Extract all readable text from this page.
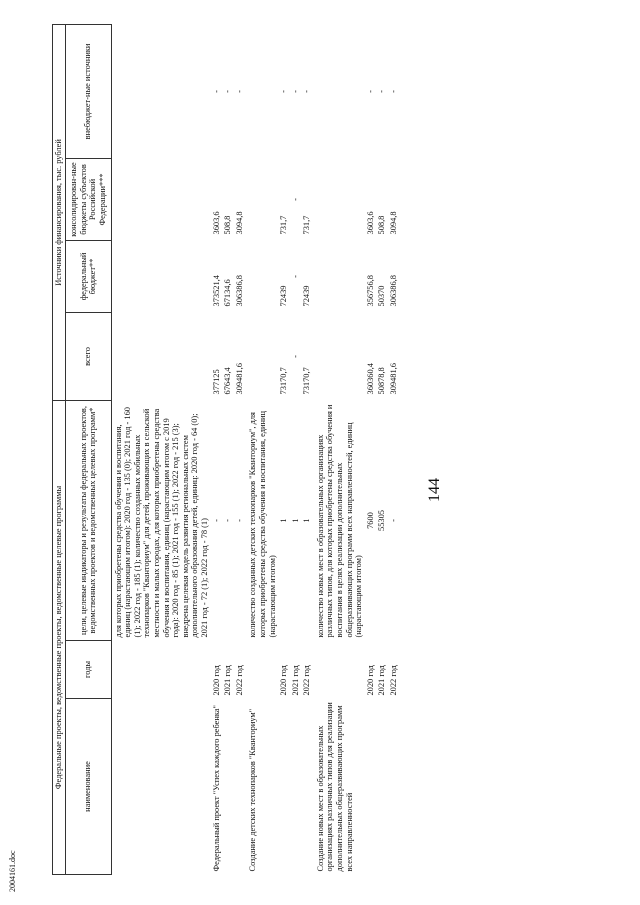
144
2004161.doc
Федеральные проекты, ведомственные проекты, ведомственные целевые программы			Источники финансирования, тыс. рублей			
наименование	годы	цели, целевые индикаторы и результаты федеральных проектов, ведомственных проектов и ведомственных целевых программ*	всего	федеральный бюджет**	консолидирован-ные бюджеты субъектов Российской Федерации***	внебюджет-ные источники
		для которых приобретены средства обучения и воспитания, единиц (нарастающим итогом): 2020 год - 135 (0); 2021 год - 160 (1); 2022 год - 185 (1); количество созданных мобильных технопарков "Кванториум" для детей, проживающих в сельской местности и малых городах, для которых приобретены средства обучения и воспитания, единиц (нарастающим итогом с 2019 года): 2020 год - 85 (1); 2021 год - 155 (1); 2022 год - 215 (3); внедрена целевая модель развития региональных систем дополнительного образования детей, единиц: 2020 год - 64 (0); 2021 год - 72 (1); 2022 год - 78 (1)				
Федеральный проект "Успех каждого ребенка"	2020 год	-	377125	373521,4	3603,6	-
	2021 год	-	67643,4	67134,6	508,8	-
	2022 год	-	309481,6	306386,8	3094,8	-

Создание детских технопарков "Кванториум"		количество созданных детских технопарков "Кванториум", для которых приобретены средства обучения и воспитания, единиц (нарастающим итогом)				
	2020 год	1	73170,7	72439	731,7	-
	2021 год	1	-	-	-	-
	2022 год	1	73170,7	72439	731,7	-

Создание новых мест в образовательных организациях различных типов для реализации дополнительных общеразвивающих программ всех направленностей		количество новых мест в образовательных организациях различных типов, для которых приобретены средства обучения и воспитания в целях реализации дополнительных общеразвивающих программ всех направленностей, единиц (нарастающим итогом)				
	2020 год	7600	360360,4	356756,8	3603,6	-
	2021 год	55305	50878,8	50370	508,8	-
	2022 год	-	309481,6	306386,8	3094,8	-
